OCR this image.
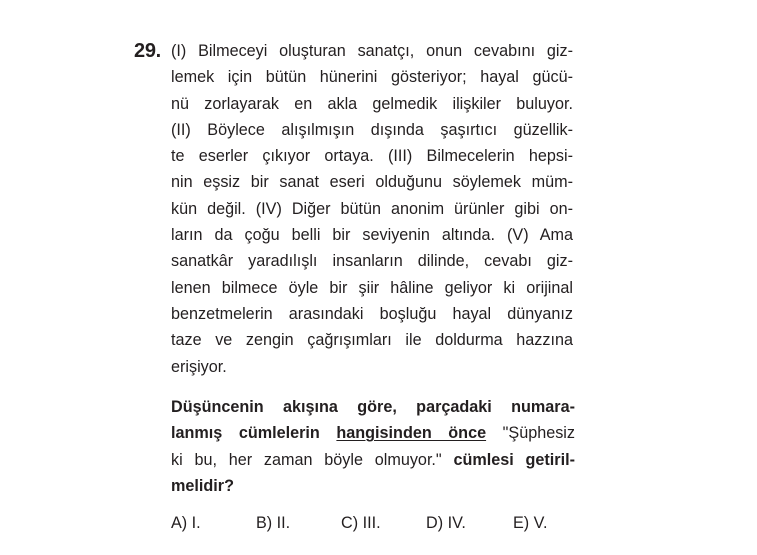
29. (I) Bilmeceyi oluşturan sanatçı, onun cevabını giz-
lemek için bütün hünerini gösteriyor; hayal gücü-
nü zorlayarak en akla gelmedik ilişkiler buluyor.
(II) Böylece alışılmışın dışında şaşırtıcı güzellik-
te eserler çıkıyor ortaya. (III) Bilmecelerin hepsi-
nin eşsiz bir sanat eseri olduğunu söylemek müm-
kün değil. (IV) Diğer bütün anonim ürünler gibi on-
ların da çoğu belli bir seviyenin altında. (V) Ama
sanatkâr yaradılışlı insanların dilinde, cevabı giz-
lenen bilmece öyle bir şiir hâline geliyor ki orijinal
benzetmelerin arasındaki boşluğu hayal dünyanız
taze ve zengin çağrışımları ile doldurma hazzına
erişiyor.
Düşüncenin akışına göre, parçadaki numara-
lanmış cümlelerin hangisinden önce "Şüphesiz
ki bu, her zaman böyle olmuyor." cümlesi getiril-
melidir?
A) I.	B) II.	C) III.	D) IV.	E) V.
